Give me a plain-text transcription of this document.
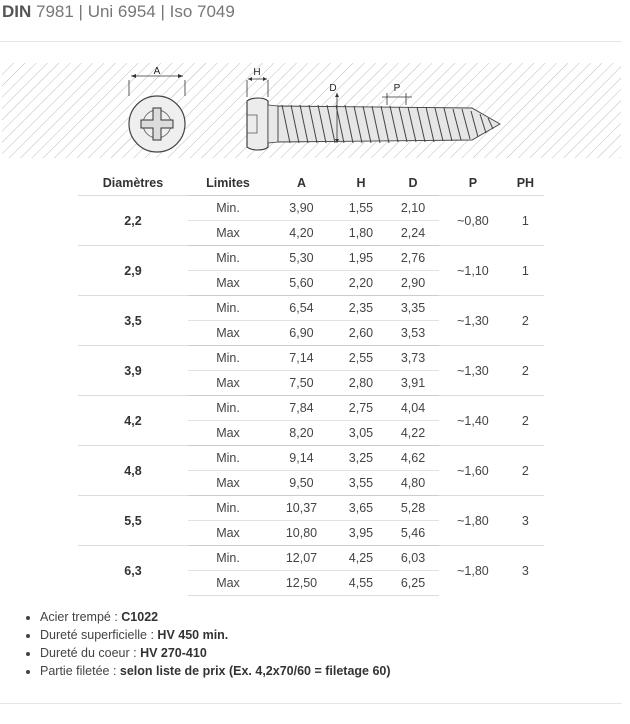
DIN 7981 | Uni 6954 | Iso 7049
A	H
D	P
Diamètres	Limites	A	H	D	P	PH
2,2	Min.	3,90	1,55	2,10	~0,80	1
	Max	4,20	1,80	2,24		
2,9	Min.	5,30	1,95	2,76	~1,10	1
	Max	5,60	2,20	2,90		
3,5	Min.	6,54	2,35	3,35	~1,30	2
	Max	6,90	2,60	3,53		
3,9	Min.	7,14	2,55	3,73	~1,30	2
	Max	7,50	2,80	3,91		
4,2	Min.	7,84	2,75	4,04	~1,40	2
	Max	8,20	3,05	4,22		
4,8	Min.	9,14	3,25	4,62	~1,60	2
	Max	9,50	3,55	4,80		
5,5	Min.	10,37	3,65	5,28	~1,80	3
	Max	10,80	3,95	5,46		
6,3	Min.	12,07	4,25	6,03	~1,80	3
	Max	12,50	4,55	6,25		
• Acier trempé : C1022
• Dureté superficielle : HV 450 min.
• Dureté du coeur : HV 270-410
• Partie filetée : selon liste de prix (Ex. 4,2x70/60 = filetage 60)
